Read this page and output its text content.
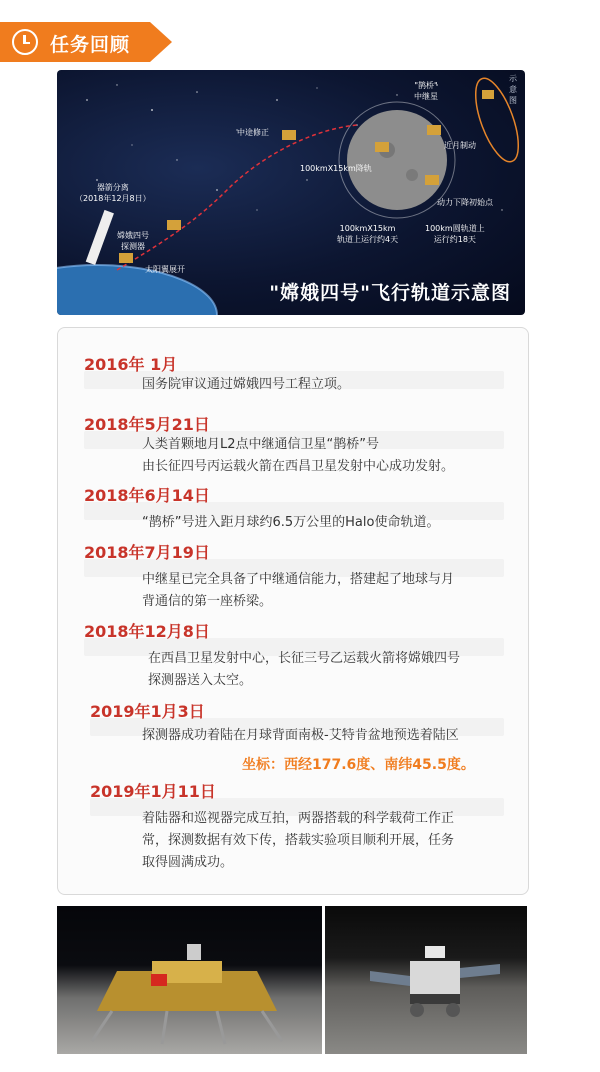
任务回顾
器箭分离
（2018年12月8日）
嫦娥四号
探测器
太阳翼展开
中途修正
100kmX15km降轨
"鹊桥"
中继星
近月制动
动力下降初始点
100kmX15km
轨道上运行约4天
100km圆轨道上
运行约18天
示
意
图
"嫦娥四号"飞行轨道示意图
2016年 1月
国务院审议通过嫦娥四号工程立项。
2018年5月21日
人类首颗地月L2点中继通信卫星“鹊桥”号
由长征四号丙运载火箭在西昌卫星发射中心成功发射。
2018年6月14日
“鹊桥”号进入距月球约6.5万公里的Halo使命轨道。
2018年7月19日
中继星已完全具备了中继通信能力，搭建起了地球与月
背通信的第一座桥梁。
2018年12月8日
在西昌卫星发射中心，长征三号乙运载火箭将嫦娥四号
探测器送入太空。
2019年1月3日
探测器成功着陆在月球背面南极-艾特肯盆地预选着陆区
坐标：西经177.6度、南纬45.5度。
2019年1月11日
着陆器和巡视器完成互拍，两器搭载的科学载荷工作正
常，探测数据有效下传，搭载实验项目顺利开展，任务
取得圆满成功。
